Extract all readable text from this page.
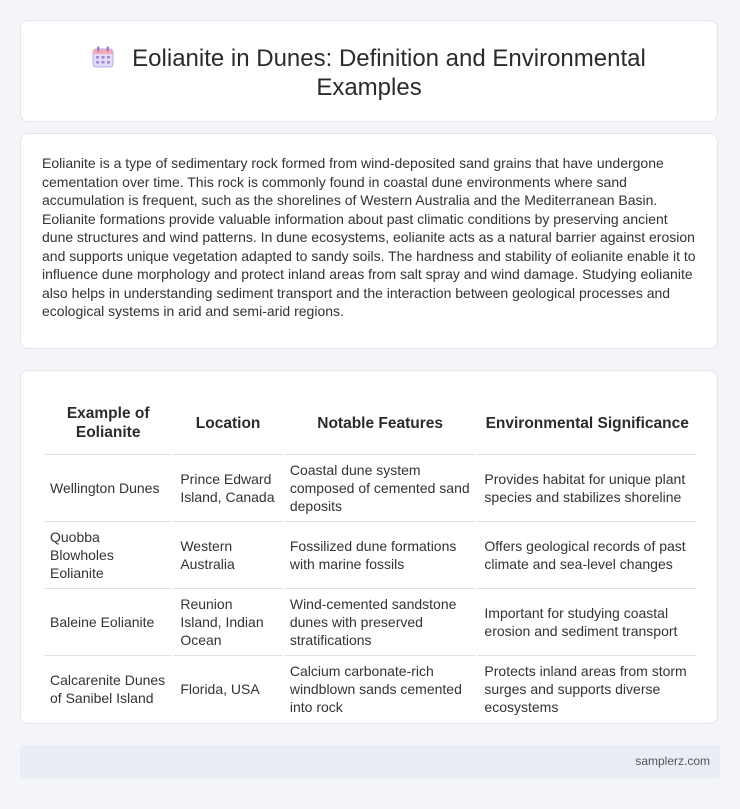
Eolianite in Dunes: Definition and Environmental Examples

Eolianite is a type of sedimentary rock formed from wind-deposited sand grains that have undergone cementation over time. This rock is commonly found in coastal dune environments where sand accumulation is frequent, such as the shorelines of Western Australia and the Mediterranean Basin. Eolianite formations provide valuable information about past climatic conditions by preserving ancient dune structures and wind patterns. In dune ecosystems, eolianite acts as a natural barrier against erosion and supports unique vegetation adapted to sandy soils. The hardness and stability of eolianite enable it to influence dune morphology and protect inland areas from salt spray and wind damage. Studying eolianite also helps in understanding sediment transport and the interaction between geological processes and ecological systems in arid and semi-arid regions.

Example of Eolianite	Location	Notable Features	Environmental Significance
Wellington Dunes	Prince Edward Island, Canada	Coastal dune system composed of cemented sand deposits	Provides habitat for unique plant species and stabilizes shoreline
Quobba Blowholes Eolianite	Western Australia	Fossilized dune formations with marine fossils	Offers geological records of past climate and sea-level changes
Baleine Eolianite	Reunion Island, Indian Ocean	Wind-cemented sandstone dunes with preserved stratifications	Important for studying coastal erosion and sediment transport
Calcarenite Dunes of Sanibel Island	Florida, USA	Calcium carbonate-rich windblown sands cemented into rock	Protects inland areas from storm surges and supports diverse ecosystems
samplerz.com
